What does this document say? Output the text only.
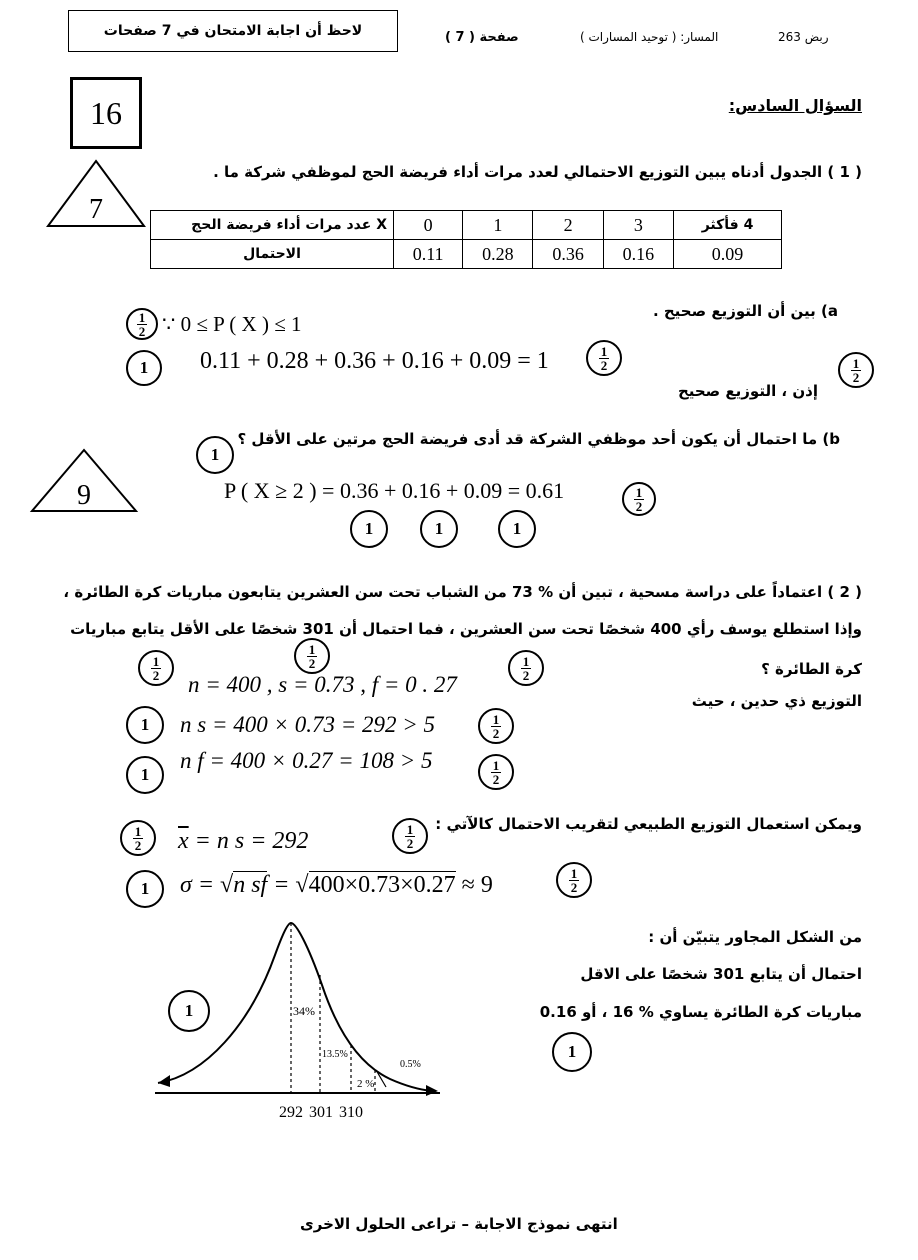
لاحظ أن اجابة الامتحان في 7 صفحات	صفحة ( 7 )	المسار: ( توحيد المسارات )	ربض 263
16	السؤال السادس:
7
( 1 ) الجدول أدناه يبين التوزيع الاحتمالي لعدد مرات أداء فريضة الحج لموظفي شركة ما .
X عدد مرات أداء فريضة الحج	0	1	2	3	4 فأكثر
الاحتمال	0.11	0.28	0.36	0.16	0.09
a) بين أن التوزيع صحيح .
$\frac{1}{2}$ ∵ 0 ≤ P ( X ) ≤ 1
1 0.11 + 0.28 + 0.36 + 0.16 + 0.09 = 1	$\frac{1}{2}$	$\frac{1}{2}$
إذن ، التوزيع صحيح
b) ما احتمال أن يكون أحد موظفي الشركة قد أدى فريضة الحج مرتين على الأقل ؟
1
9	P ( X ≥ 2 ) = 0.36 + 0.16 + 0.09 = 0.61	$\frac{1}{2}$
1	1	1
( 2 ) اعتماداً على دراسة مسحية ، تبين أن % 73 من الشباب تحت سن العشرين يتابعون مباريات كرة الطائرة ،
وإذا استطلع يوسف رأي 400 شخصًا تحت سن العشرين ، فما احتمال أن 301 شخصًا على الأقل يتابع مباريات
كرة الطائرة ؟
$\frac{1}{2}$	$\frac{1}{2}$	$\frac{1}{2}$
n = 400 , s = 0.73 , f = 0 . 27
التوزيع ذي حدين ، حيث
1 n s = 400 × 0.73 = 292 > 5	$\frac{1}{2}$
1
n f = 400 × 0.27 = 108 > 5	$\frac{1}{2}$
ويمكن استعمال التوزيع الطبيعي لتقريب الاحتمال كالآتي :
$\frac{1}{2} \overline{x} = n$ s = 292	$\frac{1}{2}$
1 σ = √n sf = √400×0.73×0.27 ≈ 9	$\frac{1}{2}$
من الشكل المجاور يتبيّن أن :
احتمال أن يتابع 301 شخصًا على الاقل
مباريات كرة الطائرة يساوي % 16 ، أو 0.16
1
1	34%
13.5%
2 %
0.5%
292 301 310
انتهى نموذج الاجابة – تراعى الحلول الاخرى
